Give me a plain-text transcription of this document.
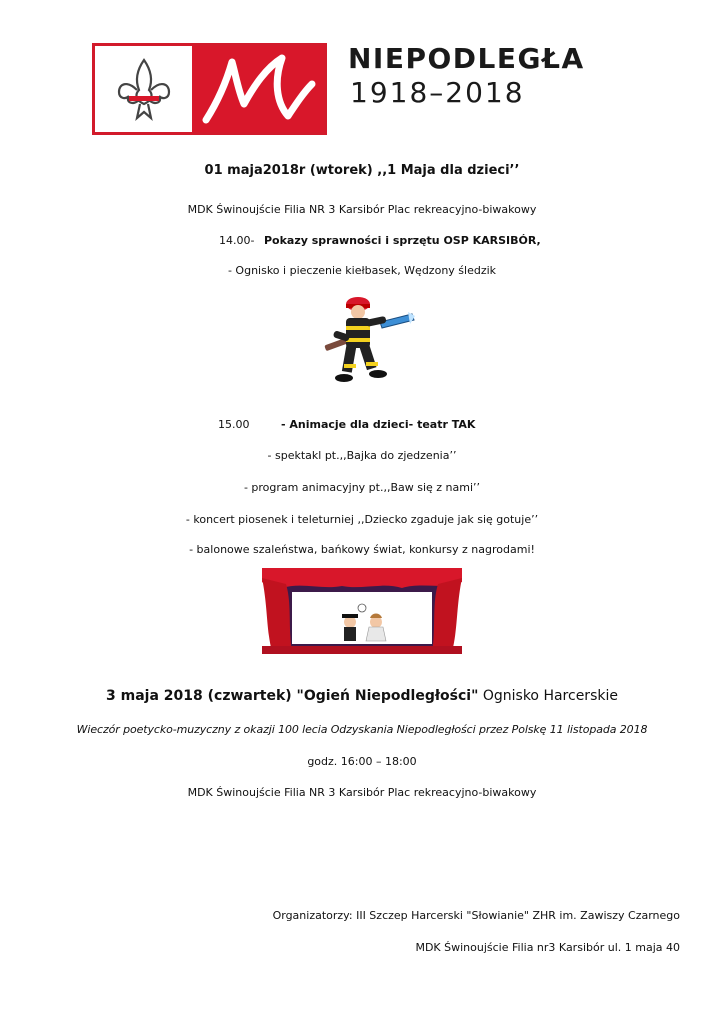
NIEPODLEGŁA
1918–2018
01 maja2018r (wtorek) ,,1 Maja dla dzieci’’
MDK Świnoujście Filia NR 3 Karsibór Plac rekreacyjno-biwakowy
14.00- Pokazy sprawności i sprzętu OSP KARSIBÓR,
- Ognisko i pieczenie kiełbasek, Wędzony śledzik
15.00	- Animacje dla dzieci- teatr TAK
- spektakl pt.,,Bajka do zjedzenia’’
- program animacyjny pt.,,Baw się z nami’’
- koncert piosenek i teleturniej ,,Dziecko zgaduje jak się gotuje’’
- balonowe szaleństwa, bańkowy świat, konkursy z nagrodami!
3 maja 2018 (czwartek) "Ogień Niepodległości" Ognisko Harcerskie
Wieczór poetycko-muzyczny z okazji 100 lecia Odzyskania Niepodległości przez Polskę 11 listopada 2018
godz. 16:00 – 18:00
MDK Świnoujście Filia NR 3 Karsibór Plac rekreacyjno-biwakowy
Organizatorzy: III Szczep Harcerski "Słowianie" ZHR im. Zawiszy Czarnego
MDK Świnoujście Filia nr3 Karsibór ul. 1 maja 40
